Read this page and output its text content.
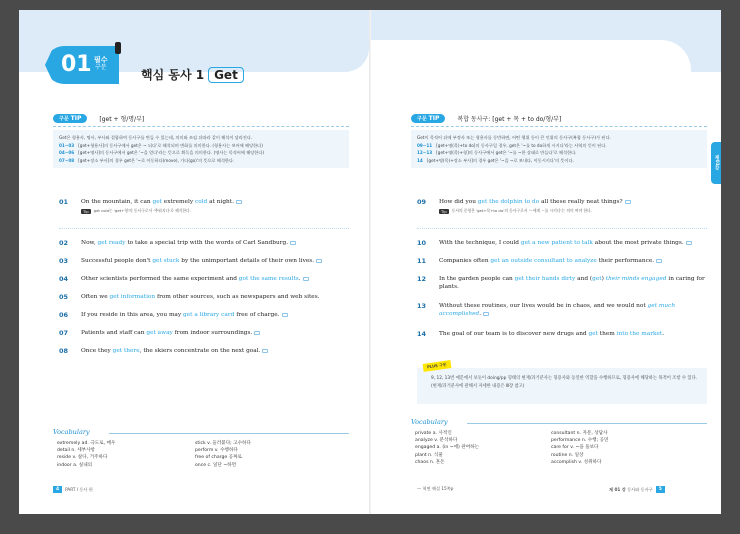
01 필수
구문
핵심 동사 1 Get
구문 TIP	[get + 형/명/부]
Get은 형용사, 명사, 부사와 결합하여 동사구를 만들 수 있는데, 의미와 쓰임 뒤따라 같이 해석이 달라진다.
01~03 [get+형용사]의 동사구에서 get은 ~ 되다'로 해석되며 변화를 의미한다. (형용사는 보어에 해당한다)
04~06 [get+명사]의 동사구에서 get은 '~을 얻다'라는 뜻으로 획득을 의미한다. (명사는 목적어에 해당한다)
07~08 [get+장소 부사]의 경우 get은 '~로 이동하다(move), 가다(go)'의 뜻으로 해석한다.
01	On the mountain, it can get extremely cold at night.
Tip	get cold는 'get+형'의 동사구로서 '추워지다'로 해석한다.
02	Now, get ready to take a special trip with the words of Carl Sandburg.
03	Successful people don't get stuck by the unimportant details of their own lives.
04	Other scientists performed the same experiment and got the same results.
05	Often we get information from other sources, such as newspapers and web sites.
06	If you reside in this area, you may get a library card free of charge.
07	Patients and staff can get away from indoor surroundings.
08	Once they get there, the skiers concentrate on the next goal.
Vocabulary
extremely ad. 극도로, 매우
detail n. 세부사항
reside v. 살다, 거주하다
indoor a. 실내의
stick v. 들러붙다; 고수하다
perform v. 수행하다
free of charge 공짜로
once c. 일단 ~하면
4	PART I 동사 편
구문 TIP	복합 동사구: [get + 목 + to do/형/부]
Get이 목적어 뒤에 부정사 또는 형용사를 동반하면, 어떤 행위 등이 큰 인위의 동사구(복합 동사구)가 된다.
09~11 [get+명(목)+to do]의 동사구일 경우, get은 '~를 to do하게 시키다'라는 사역의 뜻이 된다.
12~13 [get+명(목)+형]의 동사구에서 get은 '~를 ~한 상태로 만들다'로 해석한다.
14 [get+명(목)+장소 부사]의 경우 get은 '~을 ~로 보내다, 이동시키다'의 뜻이다.	제01강
09	How did you get the dolphin to do all these really neat things?
Tip	동사의 문형은 'get+목+to do'의 동사구로서 '~에게 ~를 시키다'는 의미 여야 한다.
10	With the technique, I could get a new patient to talk about the most private things.
11	Companies often get an outside consultant to analyze their performance.
12	In the garden people can get their hands dirty and (get) their minds engaged in caring for plants.
13	Without these routines, our lives would be in chaos, and we would not get much accomplished.
14	The goal of our team is to discover new drugs and get them into the market.
PLUS 구문
9, 12, 13번 예문에서 보듯이 doing/pp 형태의 현재/과거분사는 형용사와 동일한 역할을 수행하므로, 형용사에 해당하는 목적어 조항 수 있다. (현재/과거분사에 관해서 자세한 내용은 Ⅲ장 참고)
Vocabulary
private a. 사적인
analyze v. 분석하다
engaged a. (in ~에) 관여하는
plant n. 식물
chaos n. 혼돈
consultant n. 자문, 상담사
performance n. 수행; 공연
care for v. ~을 돌보다
routine n. 일상
accomplish v. 성취하다
— 혁면 해설 15쪽p	제 01 강
동사와 동사구	5
